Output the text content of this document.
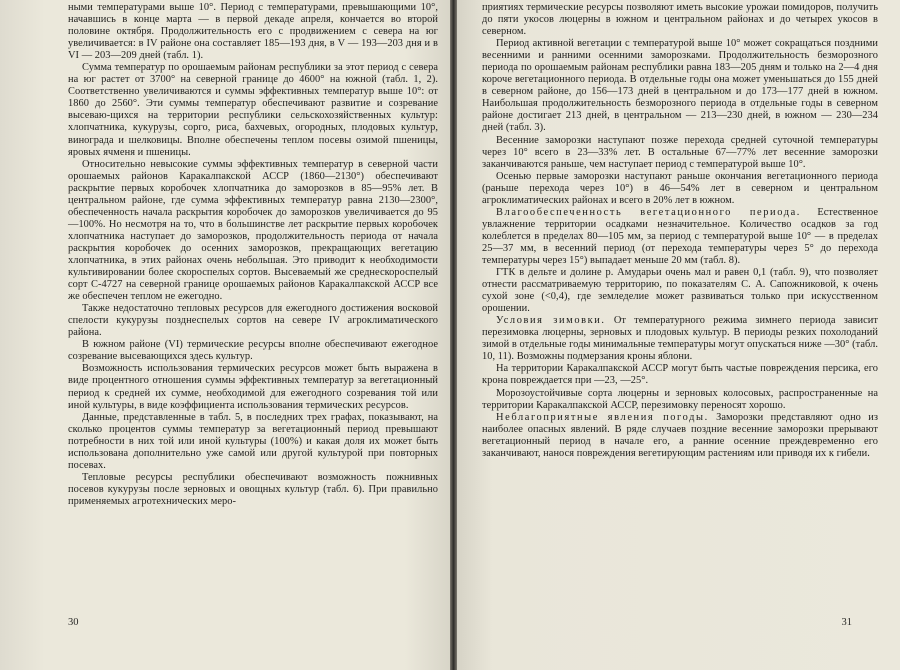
ными температурами выше 10°. Период с температурами, превышающими 10°, начавшись в конце марта — в первой декаде апреля, кончается во второй половине октября. Продолжительность его с продвижением с севера на юг увеличивается: в IV районе она составляет 185—193 дня, в V — 193—203 дня и в VI — 203—209 дней (табл. 1).

Сумма температур по орошаемым районам республики за этот период с севера на юг растет от 3700° на северной границе до 4600° на южной (табл. 1, 2). Соответственно увеличиваются и суммы эффективных температур выше 10°: от 1860 до 2560°. Эти суммы температур обеспечивают развитие и созревание высеваю-щихся на территории республики сельскохозяйственных культур: хлопчатника, кукурузы, сорго, риса, бахчевых, огородных, плодовых культур, винограда и шелковицы. Вполне обеспечены теплом посевы озимой пшеницы, яровых ячменя и пшеницы.

Относительно невысокие суммы эффективных температур в северной части орошаемых районов Каракалпакской АССР (1860—2130°) обеспечивают раскрытие первых коробочек хлопчатника до заморозков в 85—95% лет. В центральном районе, где сумма эффективных температур равна 2130—2300°, обеспеченность начала раскрытия коробочек до заморозков увеличивается до 95—100%. Но несмотря на то, что в большинстве лет раскрытие первых коробочек хлопчатника наступает до заморозков, продолжительность периода от начала раскрытия коробочек до осенних заморозков, прекращающих вегетацию хлопчатника, в этих районах очень небольшая. Это приводит к необходимости культивировании более скороспелых сортов. Высеваемый же среднескороспелый сорт С-4727 на северной границе орошаемых районов Каракалпакской АССР все же обеспечен теплом не ежегодно.

Также недостаточно тепловых ресурсов для ежегодного достижения восковой спелости кукурузы позднеспелых сортов на севере IV агроклиматического района.

В южном районе (VI) термические ресурсы вполне обеспечивают ежегодное созревание высевающихся здесь культур.

Возможность использования термических ресурсов может быть выражена в виде процентного отношения суммы эффективных температур за вегетационный период к средней их сумме, необходимой для ежегодного созревания той или иной культуры, в виде коэффициента использования термических ресурсов.

Данные, представленные в табл. 5, в последних трех графах, показывают, на сколько процентов суммы температур за вегетационный период превышают потребности в них той или иной культуры (100%) и какая доля их может быть использована дополнительно уже самой или другой культурой при повторных посевах.

Тепловые ресурсы республики обеспечивают возможность пожнивных посевов кукурузы после зерновых и овощных культур (табл. 6). При правильно применяемых агротехнических меро-

30

приятиях термические ресурсы позволяют иметь высокие урожаи помидоров, получить до пяти укосов люцерны в южном и центральном районах и до четырех укосов в северном.

Период активной вегетации с температурой выше 10° может сокращаться поздними весенними и ранними осенними заморозками. Продолжительность безморозного периода по орошаемым районам республики равна 183—205 дням и только на 2—4 дня короче вегетационного периода. В отдельные годы она может уменьшаться до 155 дней в северном районе, до 156—173 дней в центральном и до 173—177 дней в южном. Наибольшая продолжительность безморозного периода в отдельные годы в северном районе достигает 213 дней, в центральном — 213—230 дней, в южном — 230—234 дней (табл. 3).

Весенние заморозки наступают позже перехода средней суточной температуры через 10° всего в 23—33% лет. В остальные 67—77% лет весенние заморозки заканчиваются раньше, чем наступает период с температурой выше 10°.

Осенью первые заморозки наступают раньше окончания вегетационного периода (раньше перехода через 10°) в 46—54% лет в северном и центральном агроклиматических районах и всего в 20% лет в южном.

Влагообеспеченность вегетационного периода. Естественное увлажнение территории осадками незначительное. Количество осадков за год колеблется в пределах 80—105 мм, за период с температурой выше 10° — в пределах 25—37 мм, в весенний период (от перехода температуры через 5° до перехода температуры через 15°) выпадает меньше 20 мм (табл. 8).

ГТК в дельте и долине р. Амударьи очень мал и равен 0,1 (табл. 9), что позволяет отнести рассматриваемую территорию, по показателям С. А. Сапожниковой, к очень сухой зоне (<0,4), где земледелие может развиваться только при искусственном орошении.

Условия зимовки. От температурного режима зимнего периода зависит перезимовка люцерны, зерновых и плодовых культур. В периоды резких похолоданий зимой в отдельные годы минимальные температуры могут опускаться ниже —30° (табл. 10, 11). Возможны подмерзания кроны яблони.

На территории Каракалпакской АССР могут быть частые повреждения персика, его крона повреждается при —23, —25°.

Морозоустойчивые сорта люцерны и зерновых колосовых, распространенные на территории Каракалпакской АССР, перезимовку переносят хорошо.

Неблагоприятные явления погоды. Заморозки представляют одно из наиболее опасных явлений. В ряде случаев поздние весенние заморозки прерывают вегетационный период в начале его, а ранние осенние преждевременно его заканчивают, нанося повреждения вегетирующим растениям или приводя их к гибели.

31
